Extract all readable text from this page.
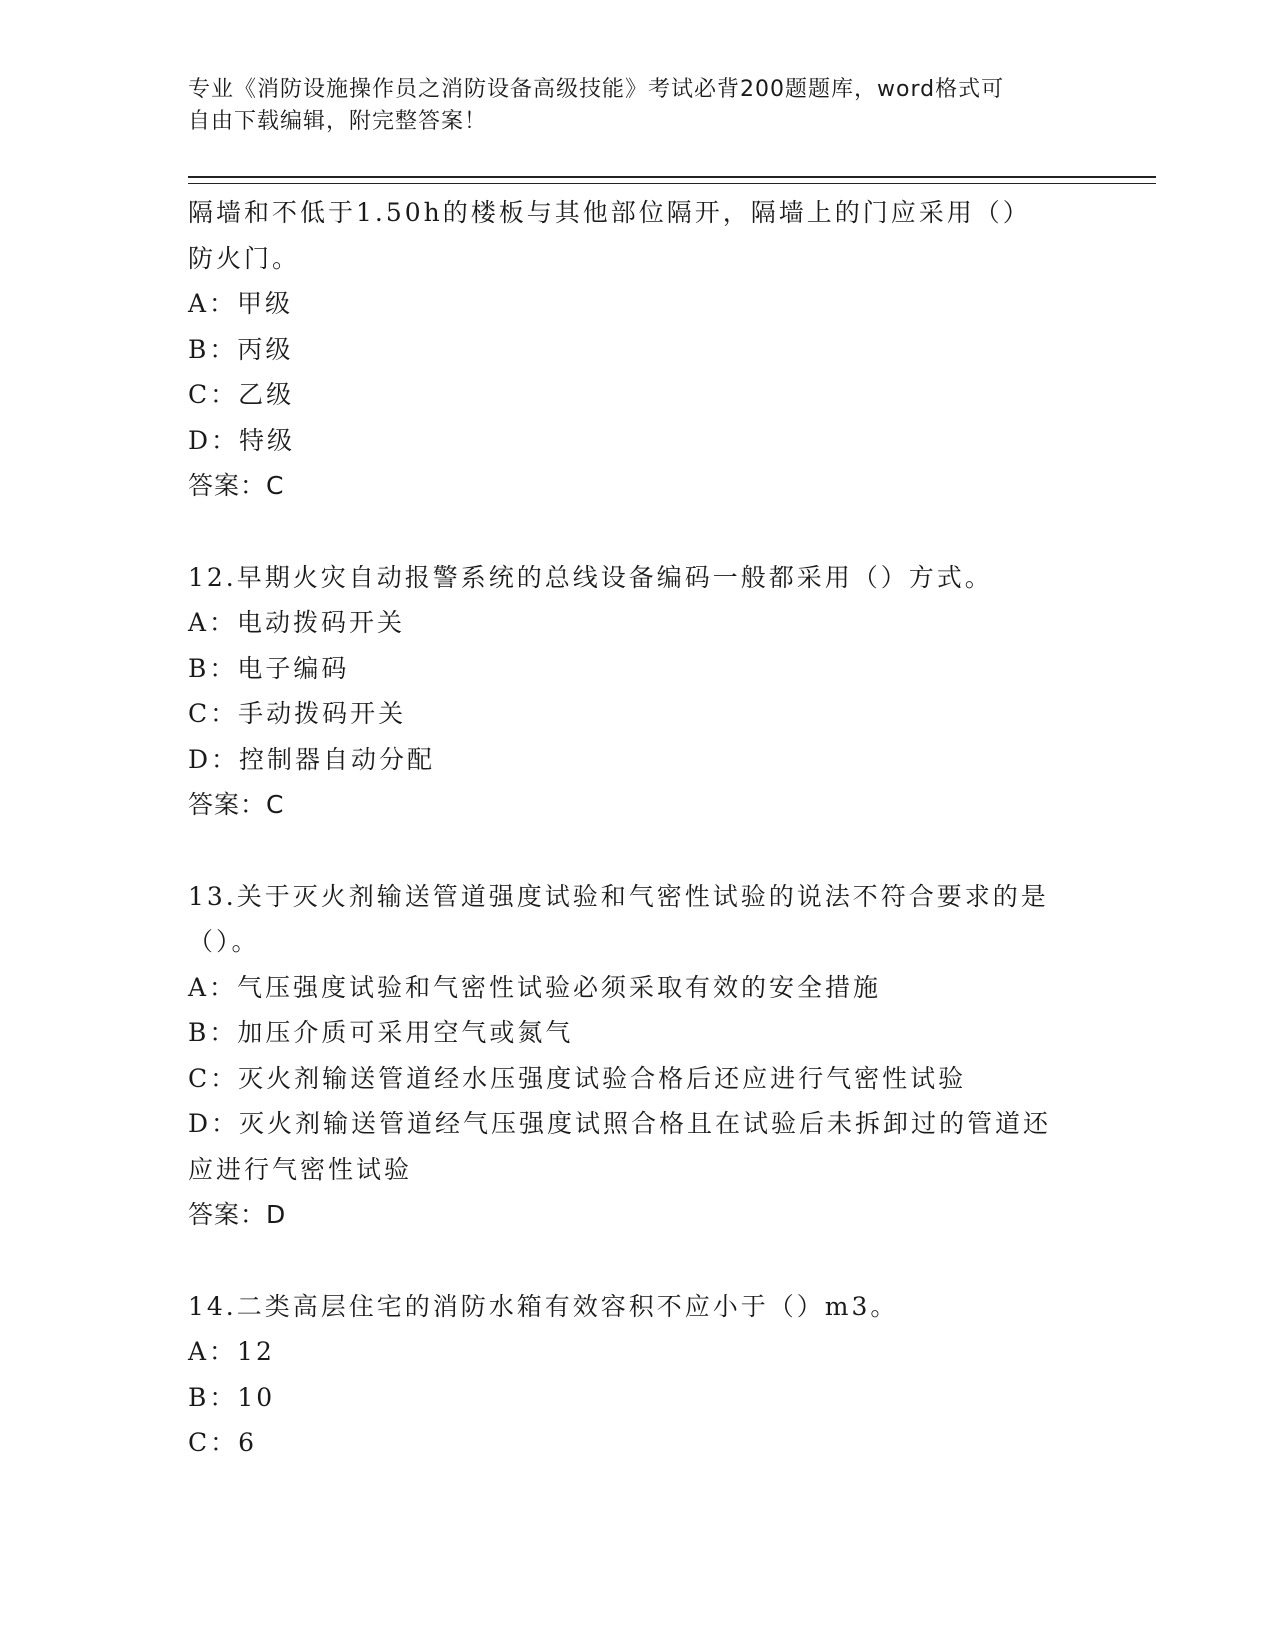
专业《消防设施操作员之消防设备高级技能》考试必背200题题库，word格式可
自由下载编辑，附完整答案！
隔墙和不低于1.50h的楼板与其他部位隔开，隔墙上的门应采用（）
防火门。
A：甲级
B：丙级
C：乙级
D：特级
答案：C
12.早期火灾自动报警系统的总线设备编码一般都采用（）方式。
A：电动拨码开关
B：电子编码
C：手动拨码开关
D：控制器自动分配
答案：C
13.关于灭火剂输送管道强度试验和气密性试验的说法不符合要求的是
（）。
A：气压强度试验和气密性试验必须采取有效的安全措施
B：加压介质可采用空气或氮气
C：灭火剂输送管道经水压强度试验合格后还应进行气密性试验
D：灭火剂输送管道经气压强度试照合格且在试验后未拆卸过的管道还
应进行气密性试验
答案：D
14.二类高层住宅的消防水箱有效容积不应小于（）m3。
A：12
B：10
C：6
